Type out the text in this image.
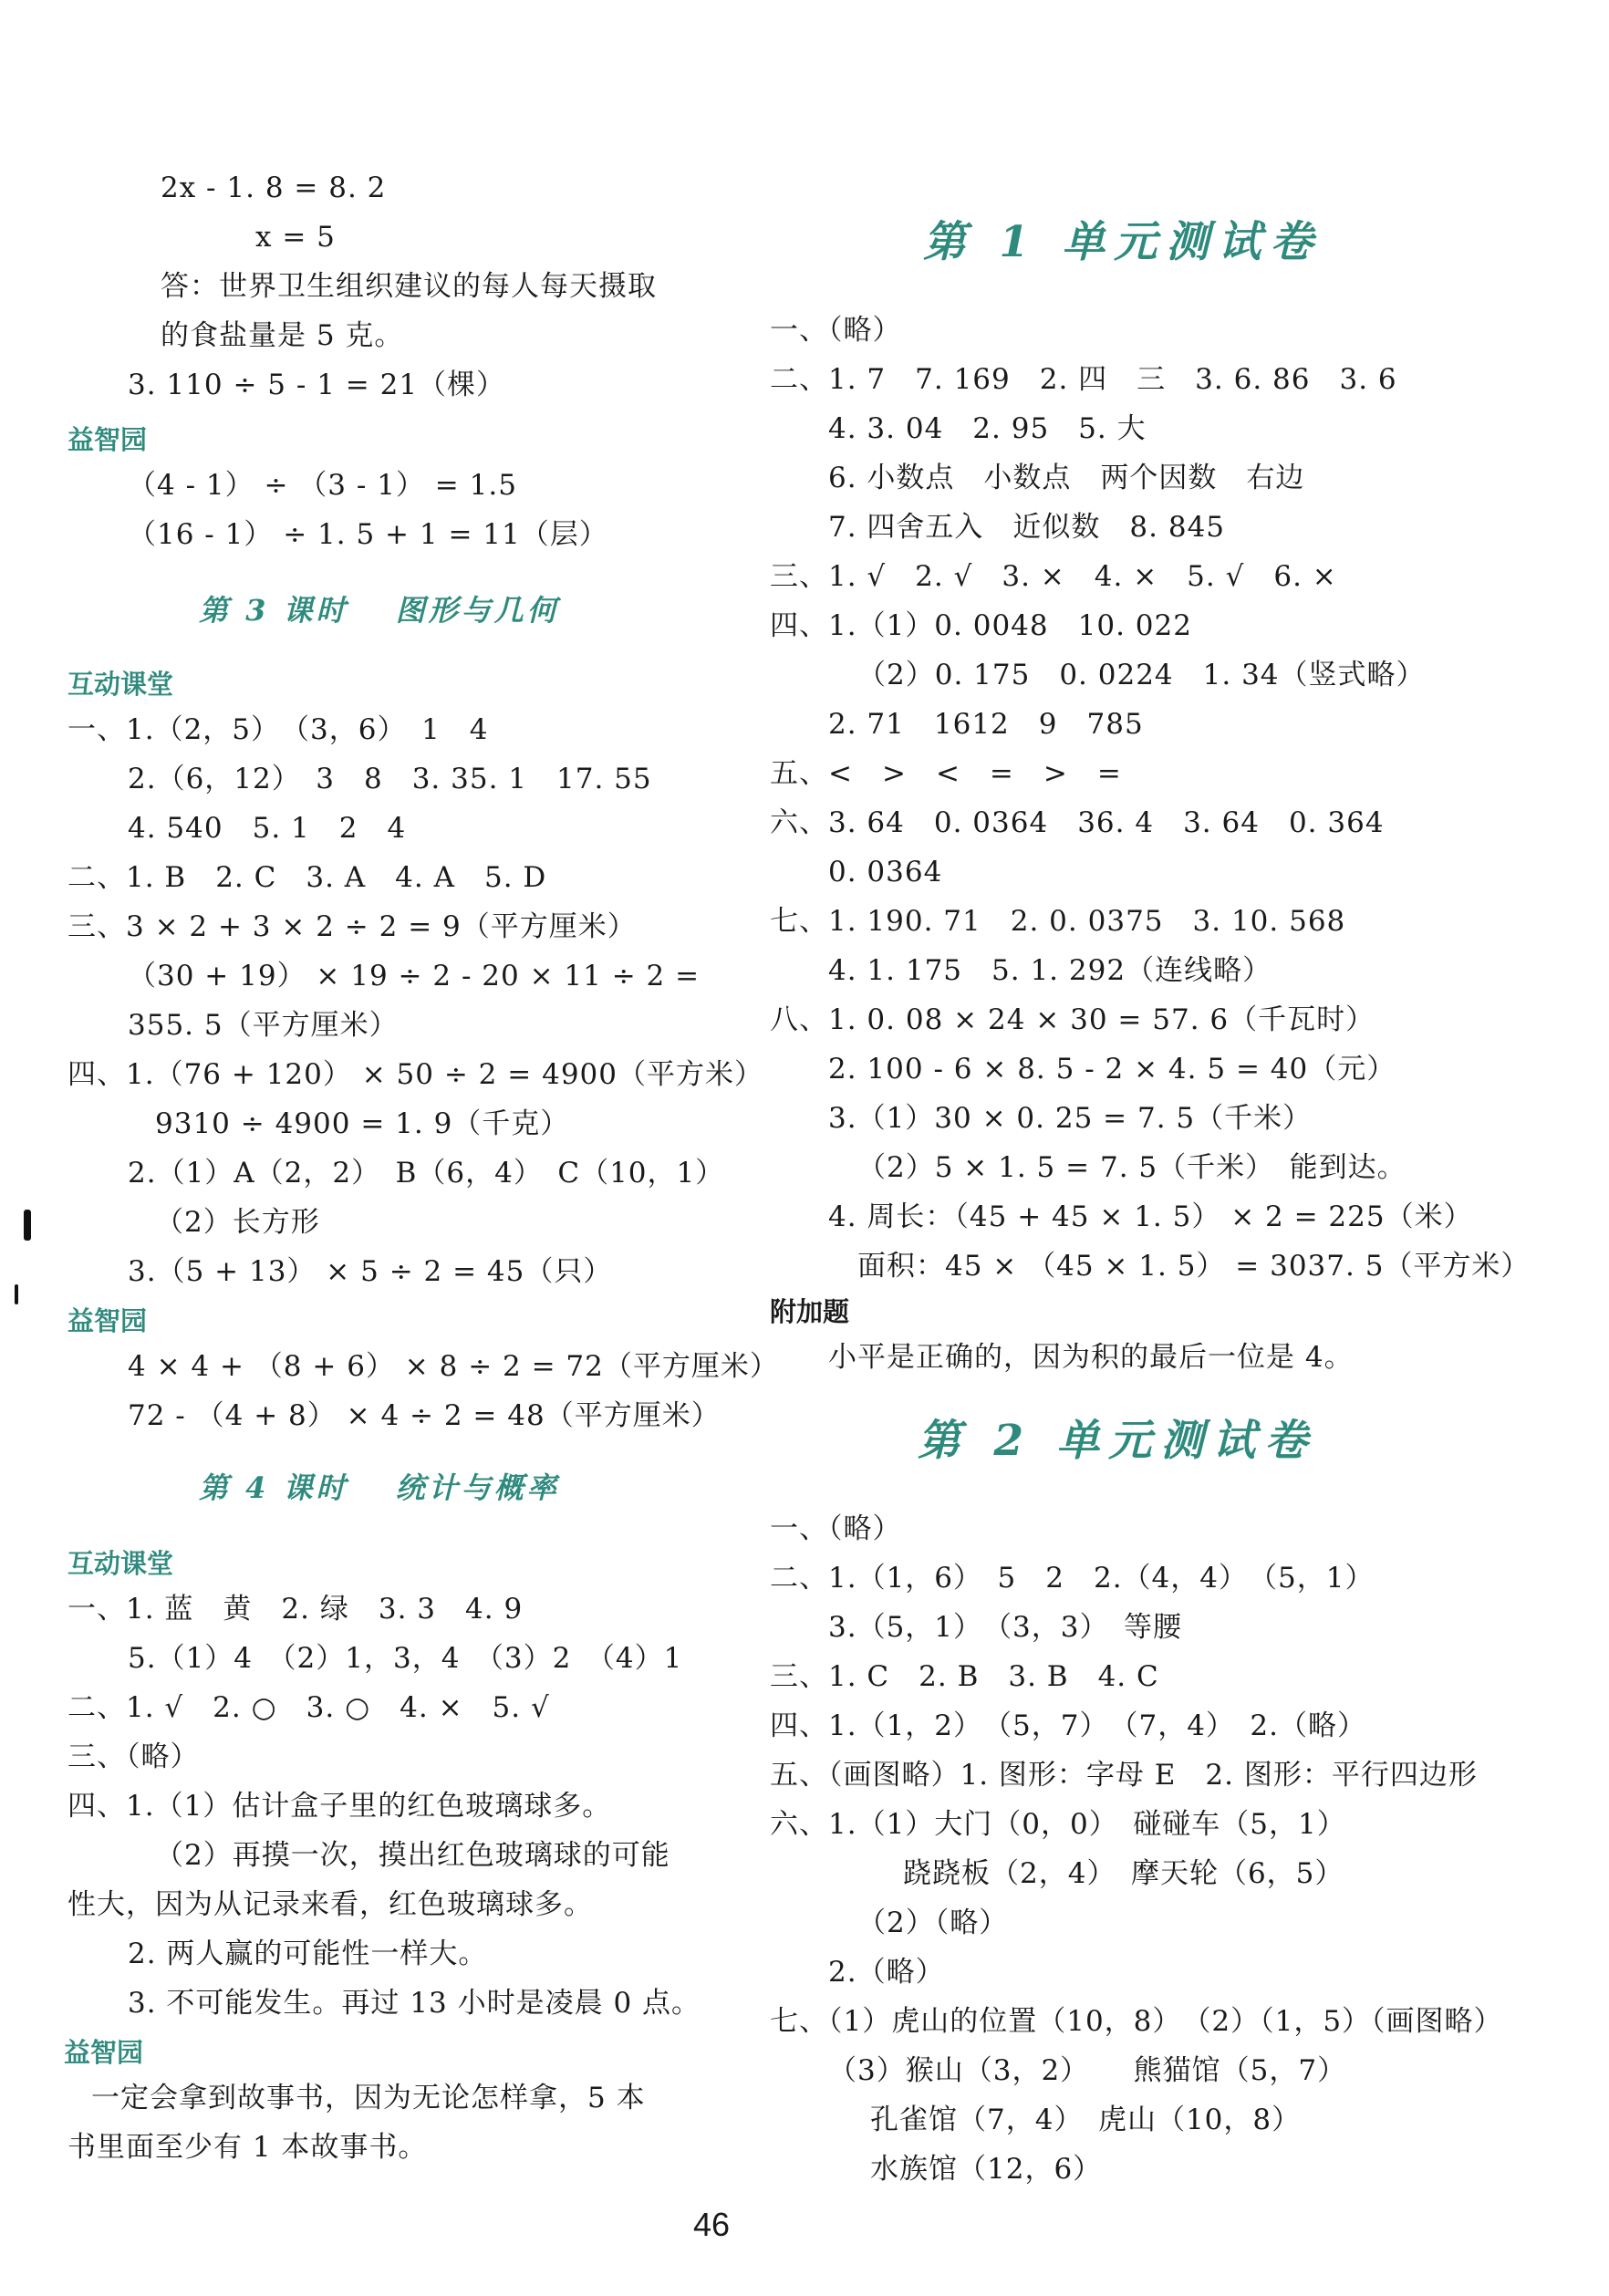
2x - 1. 8 = 8. 2
x = 5
答：世界卫生组织建议的每人每天摄取
的食盐量是 5 克。
3. 110 ÷ 5 - 1 = 21（棵）
益智园
（4 - 1） ÷ （3 - 1） = 1.5
（16 - 1） ÷ 1. 5 + 1 = 11（层）
第 3 课时　 图形与几何
互动课堂
一、1.（2，5）　（3，6）　1　4
2.（6，12）　3　8　3. 35. 1　17. 55
4. 540　5. 1　2　4
二、1. B　2. C　3. A　4. A　5. D
三、3 × 2 + 3 × 2 ÷ 2 = 9（平方厘米）
（30 + 19） × 19 ÷ 2 - 20 × 11 ÷ 2 =
355. 5（平方厘米）
四、1.（76 + 120） × 50 ÷ 2 = 4900（平方米）
9310 ÷ 4900 = 1. 9（千克）
2.（1）A（2，2）　B（6，4）　C（10，1）
（2）长方形
3.（5 + 13） × 5 ÷ 2 = 45（只）
益智园
4 × 4 + （8 + 6） × 8 ÷ 2 = 72（平方厘米）
72 - （4 + 8） × 4 ÷ 2 = 48（平方厘米）
第 4 课时　 统计与概率
互动课堂
一、1. 蓝　黄　2. 绿　3. 3　4. 9
5.（1）4　（2）1，3，4　（3）2　（4）1
二、1. √　2. ○　3. ○　4. ×　5. √
三、（略）
四、1.（1）估计盒子里的红色玻璃球多。
（2）再摸一次，摸出红色玻璃球的可能
性大，因为从记录来看，红色玻璃球多。
2. 两人赢的可能性一样大。
3. 不可能发生。再过 13 小时是凌晨 0 点。
益智园
一定会拿到故事书，因为无论怎样拿，5 本
书里面至少有 1 本故事书。
第 1 单元测试卷
一、（略）
二、1. 7　7. 169　2. 四　三　3. 6. 86　3. 6
4. 3. 04　2. 95　5. 大
6. 小数点　小数点　两个因数　右边
7. 四舍五入　近似数　8. 845
三、1. √　2. √　3. ×　4. ×　5. √　6. ×
四、1.（1）0. 0048　10. 022
（2）0. 175　0. 0224　1. 34（竖式略）
2. 71　1612　9　785
五、<　>　<　=　>　=
六、3. 64　0. 0364　36. 4　3. 64　0. 364
0. 0364
七、1. 190. 71　2. 0. 0375　3. 10. 568
4. 1. 175　5. 1. 292（连线略）
八、1. 0. 08 × 24 × 30 = 57. 6（千瓦时）
2. 100 - 6 × 8. 5 - 2 × 4. 5 = 40（元）
3.（1）30 × 0. 25 = 7. 5（千米）
（2）5 × 1. 5 = 7. 5（千米）　能到达。
4. 周长：（45 + 45 × 1. 5） × 2 = 225（米）
面积：45 × （45 × 1. 5） = 3037. 5（平方米）
附加题
小平是正确的，因为积的最后一位是 4。
第 2 单元测试卷
一、（略）
二、1.（1，6）　5　2　2.（4，4）　（5，1）
3.（5，1）　（3，3）　等腰
三、1. C　2. B　3. B　4. C
四、1.（1，2）　（5，7）　（7，4）　2.（略）
五、（画图略）1. 图形：字母 E　2. 图形：平行四边形
六、1.（1）大门（0，0）　碰碰车（5，1）
跷跷板（2，4）　摩天轮（6，5）
（2）（略）
2.（略）
七、（1）虎山的位置（10，8）　（2）（1，5）（画图略）
（3）猴山（3，2）　　熊猫馆（5，7）
孔雀馆（7，4）　虎山（10，8）
水族馆（12，6）
46
